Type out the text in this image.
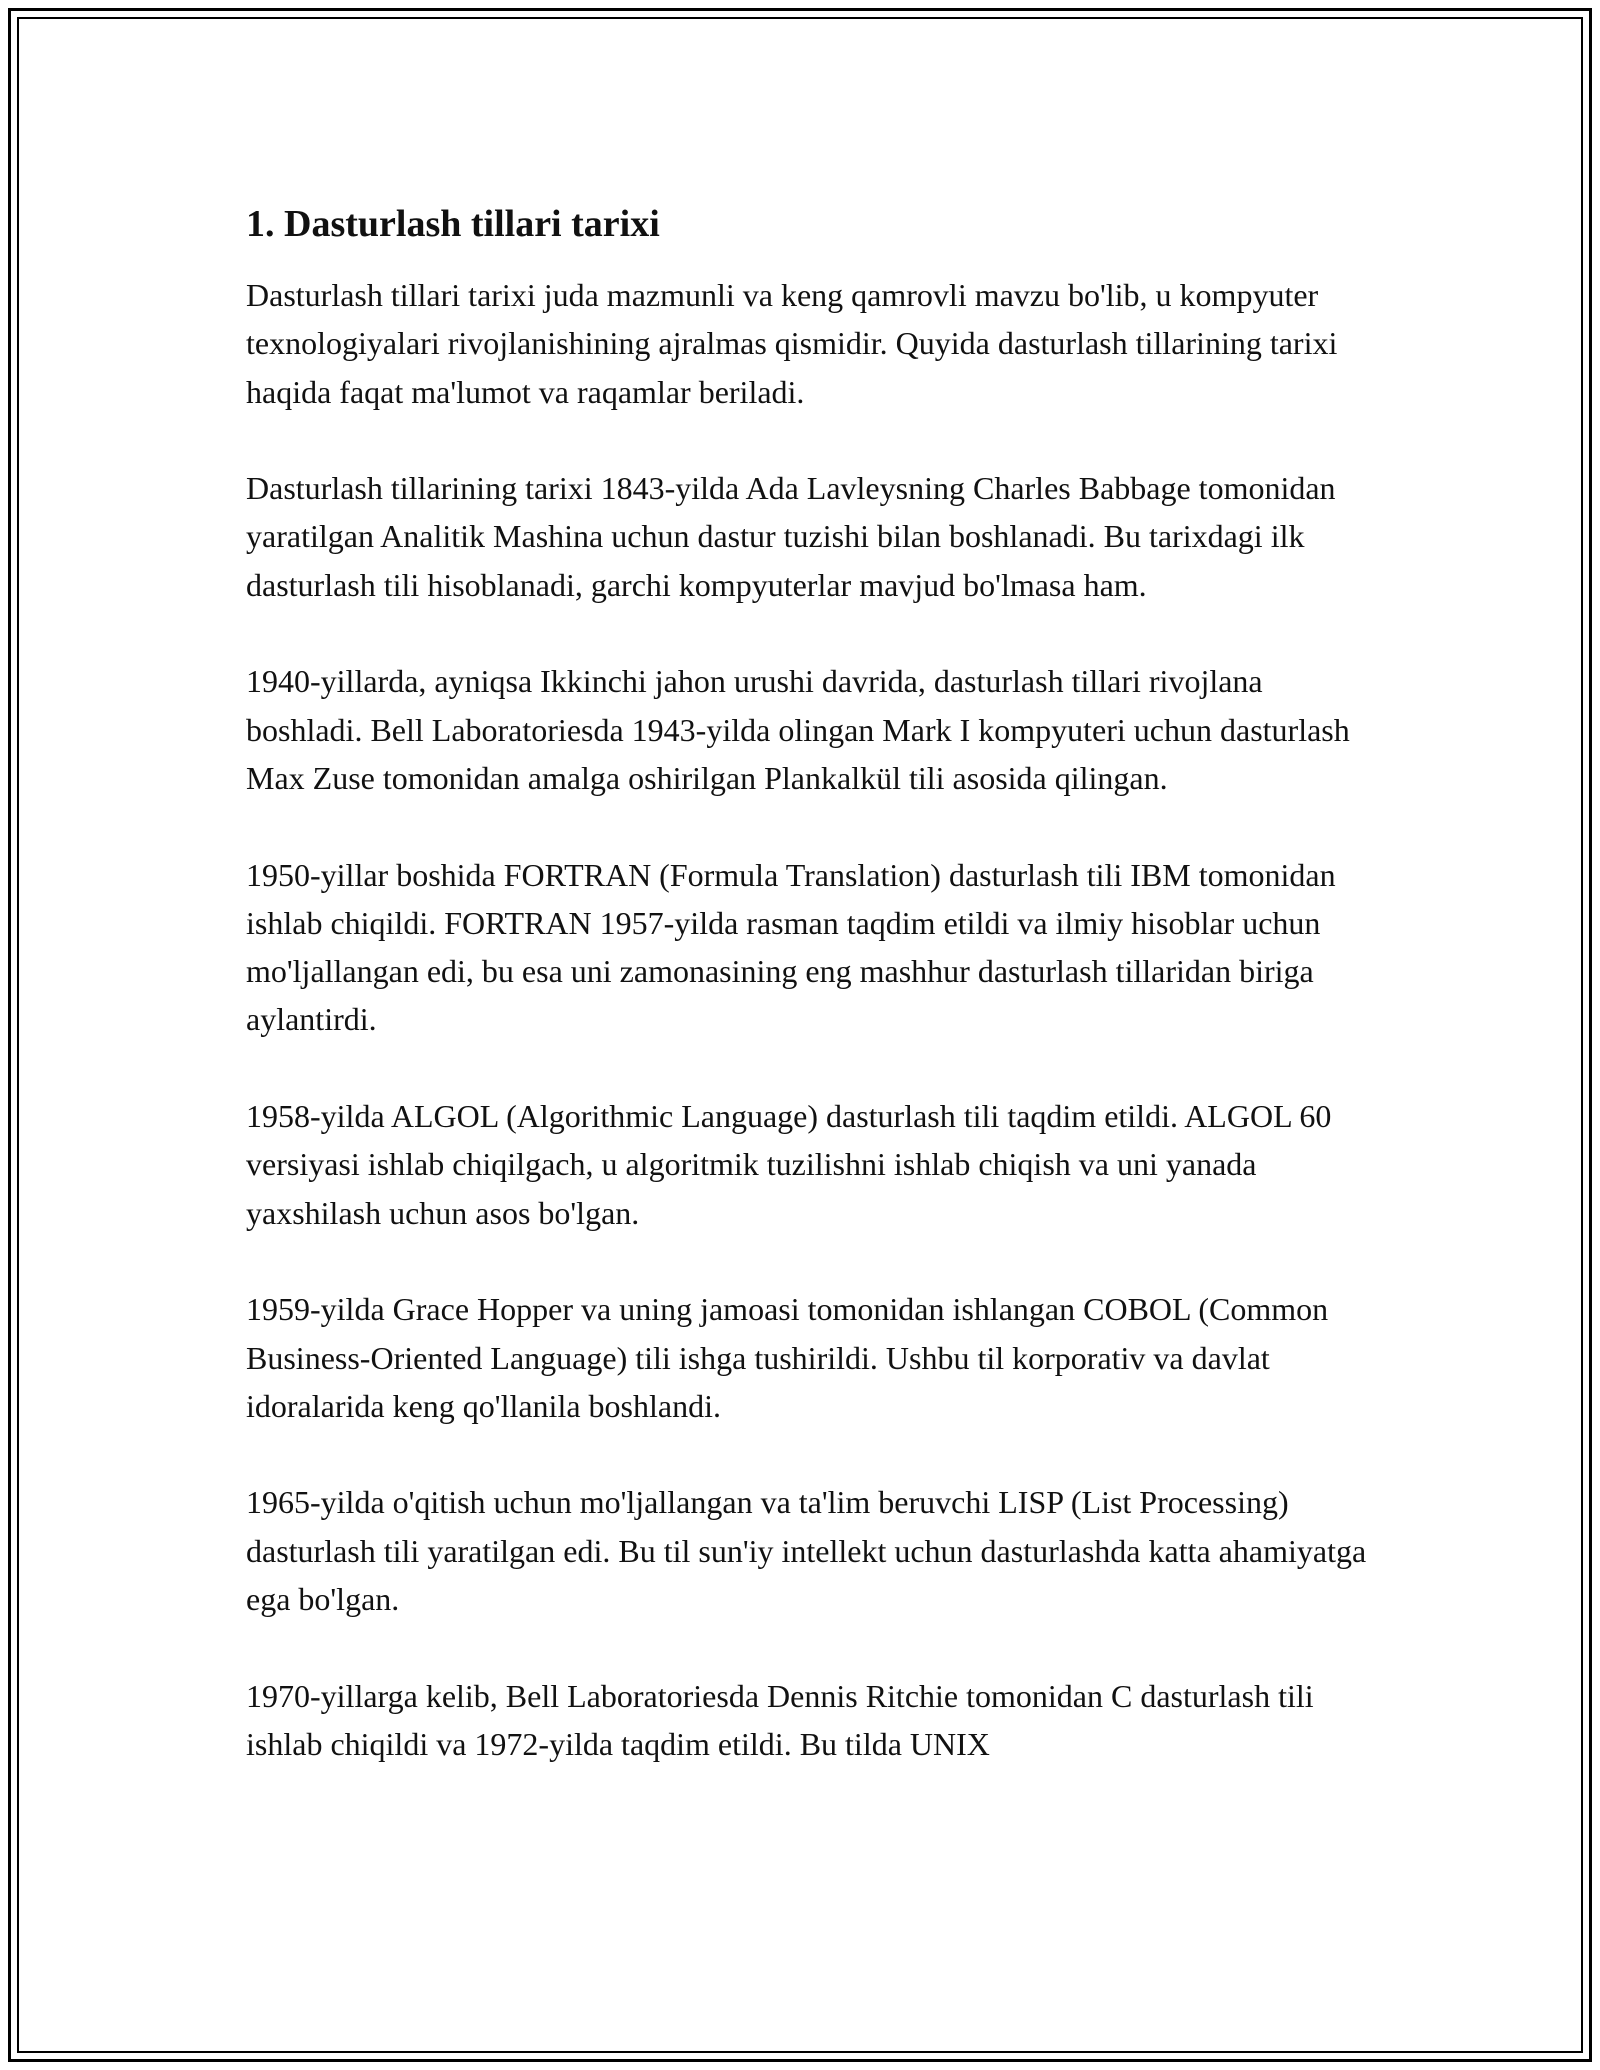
1. Dasturlash tillari tarixi

Dasturlash tillari tarixi juda mazmunli va keng qamrovli mavzu bo'lib, u kompyuter texnologiyalari rivojlanishining ajralmas qismidir. Quyida dasturlash tillarining tarixi haqida faqat ma'lumot va raqamlar beriladi.

Dasturlash tillarining tarixi 1843-yilda Ada Lavleysning Charles Babbage tomonidan yaratilgan Analitik Mashina uchun dastur tuzishi bilan boshlanadi. Bu tarixdagi ilk dasturlash tili hisoblanadi, garchi kompyuterlar mavjud bo'lmasa ham.

1940-yillarda, ayniqsa Ikkinchi jahon urushi davrida, dasturlash tillari rivojlana boshladi. Bell Laboratoriesda 1943-yilda olingan Mark I kompyuteri uchun dasturlash Max Zuse tomonidan amalga oshirilgan Plankalkül tili asosida qilingan.

1950-yillar boshida FORTRAN (Formula Translation) dasturlash tili IBM tomonidan ishlab chiqildi. FORTRAN 1957-yilda rasman taqdim etildi va ilmiy hisoblar uchun mo'ljallangan edi, bu esa uni zamonasining eng mashhur dasturlash tillaridan biriga aylantirdi.

1958-yilda ALGOL (Algorithmic Language) dasturlash tili taqdim etildi. ALGOL 60 versiyasi ishlab chiqilgach, u algoritmik tuzilishni ishlab chiqish va uni yanada yaxshilash uchun asos bo'lgan.

1959-yilda Grace Hopper va uning jamoasi tomonidan ishlangan COBOL (Common Business-Oriented Language) tili ishga tushirildi. Ushbu til korporativ va davlat idoralarida keng qo'llanila boshlandi.

1965-yilda o'qitish uchun mo'ljallangan va ta'lim beruvchi LISP (List Processing) dasturlash tili yaratilgan edi. Bu til sun'iy intellekt uchun dasturlashda katta ahamiyatga ega bo'lgan.

1970-yillarga kelib, Bell Laboratoriesda Dennis Ritchie tomonidan C dasturlash tili ishlab chiqildi va 1972-yilda taqdim etildi. Bu tilda UNIX
